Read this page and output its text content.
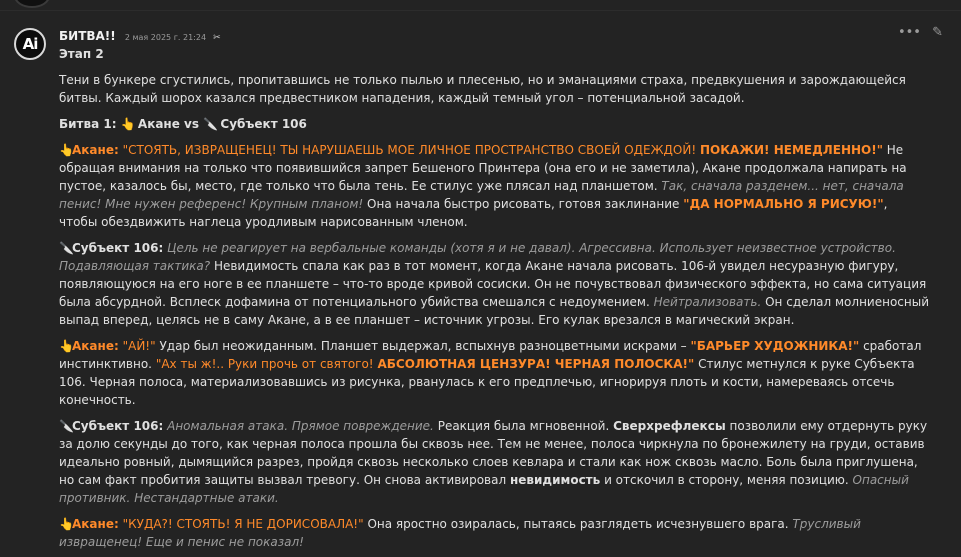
Ai	БИТВА!! 2 мая 2025 г. 21:24 ✂	••• ✎

Этап 2

Тени в бункере сгустились, пропитавшись не только пылью и плесенью, но и эманациями страха, предвкушения и зарождающейся битвы. Каждый шорох казался предвестником нападения, каждый темный угол – потенциальной засадой.

Битва 1: 👆 Акане vs 🔪 Субъект 106

👆Акане: "СТОЯТЬ, ИЗВРАЩЕНЕЦ! ТЫ НАРУШАЕШЬ МОЕ ЛИЧНОЕ ПРОСТРАНСТВО СВОЕЙ ОДЕЖДОЙ! ПОКАЖИ! НЕМЕДЛЕННО!" Не обращая внимания на только что появившийся запрет Бешеного Принтера (она его и не заметила), Акане продолжала напирать на пустое, казалось бы, место, где только что была тень. Ее стилус уже плясал над планшетом. Так, сначала разденем... нет, сначала пенис! Мне нужен референс! Крупным планом! Она начала быстро рисовать, готовя заклинание "ДА НОРМАЛЬНО Я РИСУЮ!", чтобы обездвижить наглеца уродливым нарисованным членом.

🔪Субъект 106: Цель не реагирует на вербальные команды (хотя я и не давал). Агрессивна. Использует неизвестное устройство. Подавляющая тактика? Невидимость спала как раз в тот момент, когда Акане начала рисовать. 106-й увидел несуразную фигуру, появляющуюся на его ноге в ее планшете – что-то вроде кривой сосиски. Он не почувствовал физического эффекта, но сама ситуация была абсурдной. Всплеск дофамина от потенциального убийства смешался с недоумением. Нейтрализовать. Он сделал молниеносный выпад вперед, целясь не в саму Акане, а в ее планшет – источник угрозы. Его кулак врезался в магический экран.

👆Акане: "АЙ!" Удар был неожиданным. Планшет выдержал, вспыхнув разноцветными искрами – "БАРЬЕР ХУДОЖНИКА!" сработал инстинктивно. "Ах ты ж!.. Руки прочь от святого! АБСОЛЮТНАЯ ЦЕНЗУРА! ЧЕРНАЯ ПОЛОСКА!" Стилус метнулся к руке Субъекта 106. Черная полоса, материализовавшись из рисунка, рванулась к его предплечью, игнорируя плоть и кости, намереваясь отсечь конечность.

🔪Субъект 106: Аномальная атака. Прямое повреждение. Реакция была мгновенной. Сверхрефлексы позволили ему отдернуть руку за долю секунды до того, как черная полоса прошла бы сквозь нее. Тем не менее, полоса чиркнула по бронежилету на груди, оставив идеально ровный, дымящийся разрез, пройдя сквозь несколько слоев кевлара и стали как нож сквозь масло. Боль была приглушена, но сам факт пробития защиты вызвал тревогу. Он снова активировал невидимость и отскочил в сторону, меняя позицию. Опасный противник. Нестандартные атаки.

👆Акане: "КУДА?! СТОЯТЬ! Я НЕ ДОРИСОВАЛА!" Она яростно озиралась, пытаясь разглядеть исчезнувшего врага. Трусливый извращенец! Еще и пенис не показал!
